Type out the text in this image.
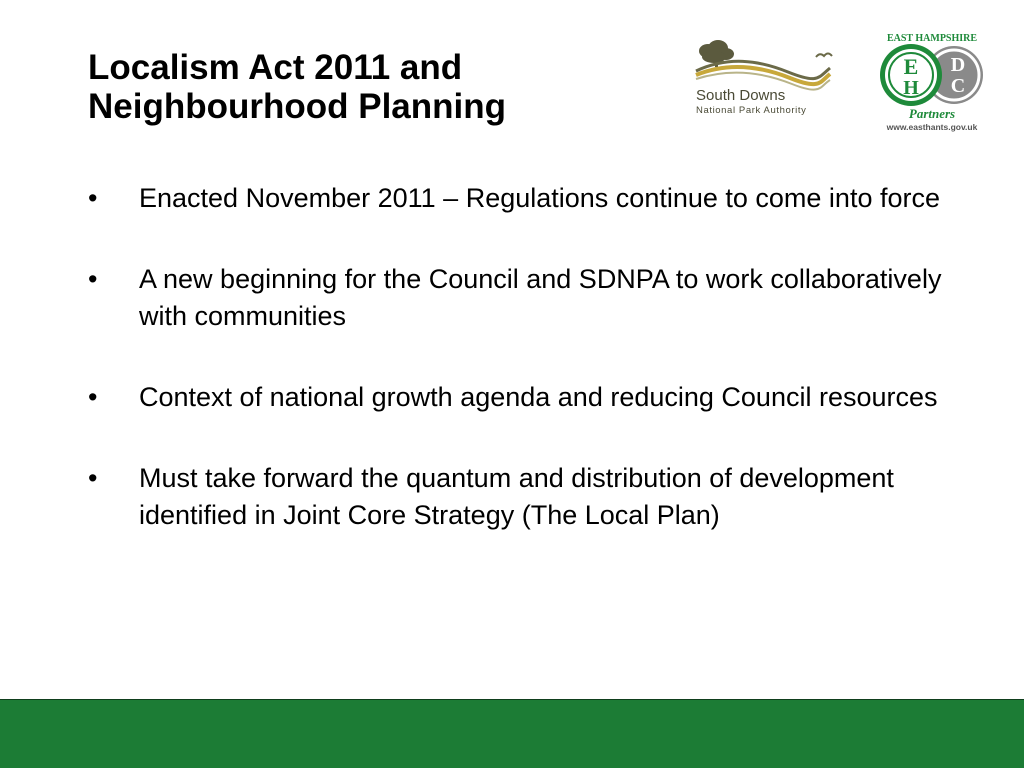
Localism Act 2011 and
Neighbourhood Planning	South Downs
National Park Authority
EAST HAMPSHIRE
E
H
D
C
Partners
www.easthants.gov.uk
• Enacted November 2011 – Regulations continue to come into force
• A new beginning for the Council and SDNPA to work collaboratively with communities
• Context of national growth agenda and reducing Council resources
• Must take forward the quantum and distribution of development identified in Joint Core Strategy (The Local Plan)
